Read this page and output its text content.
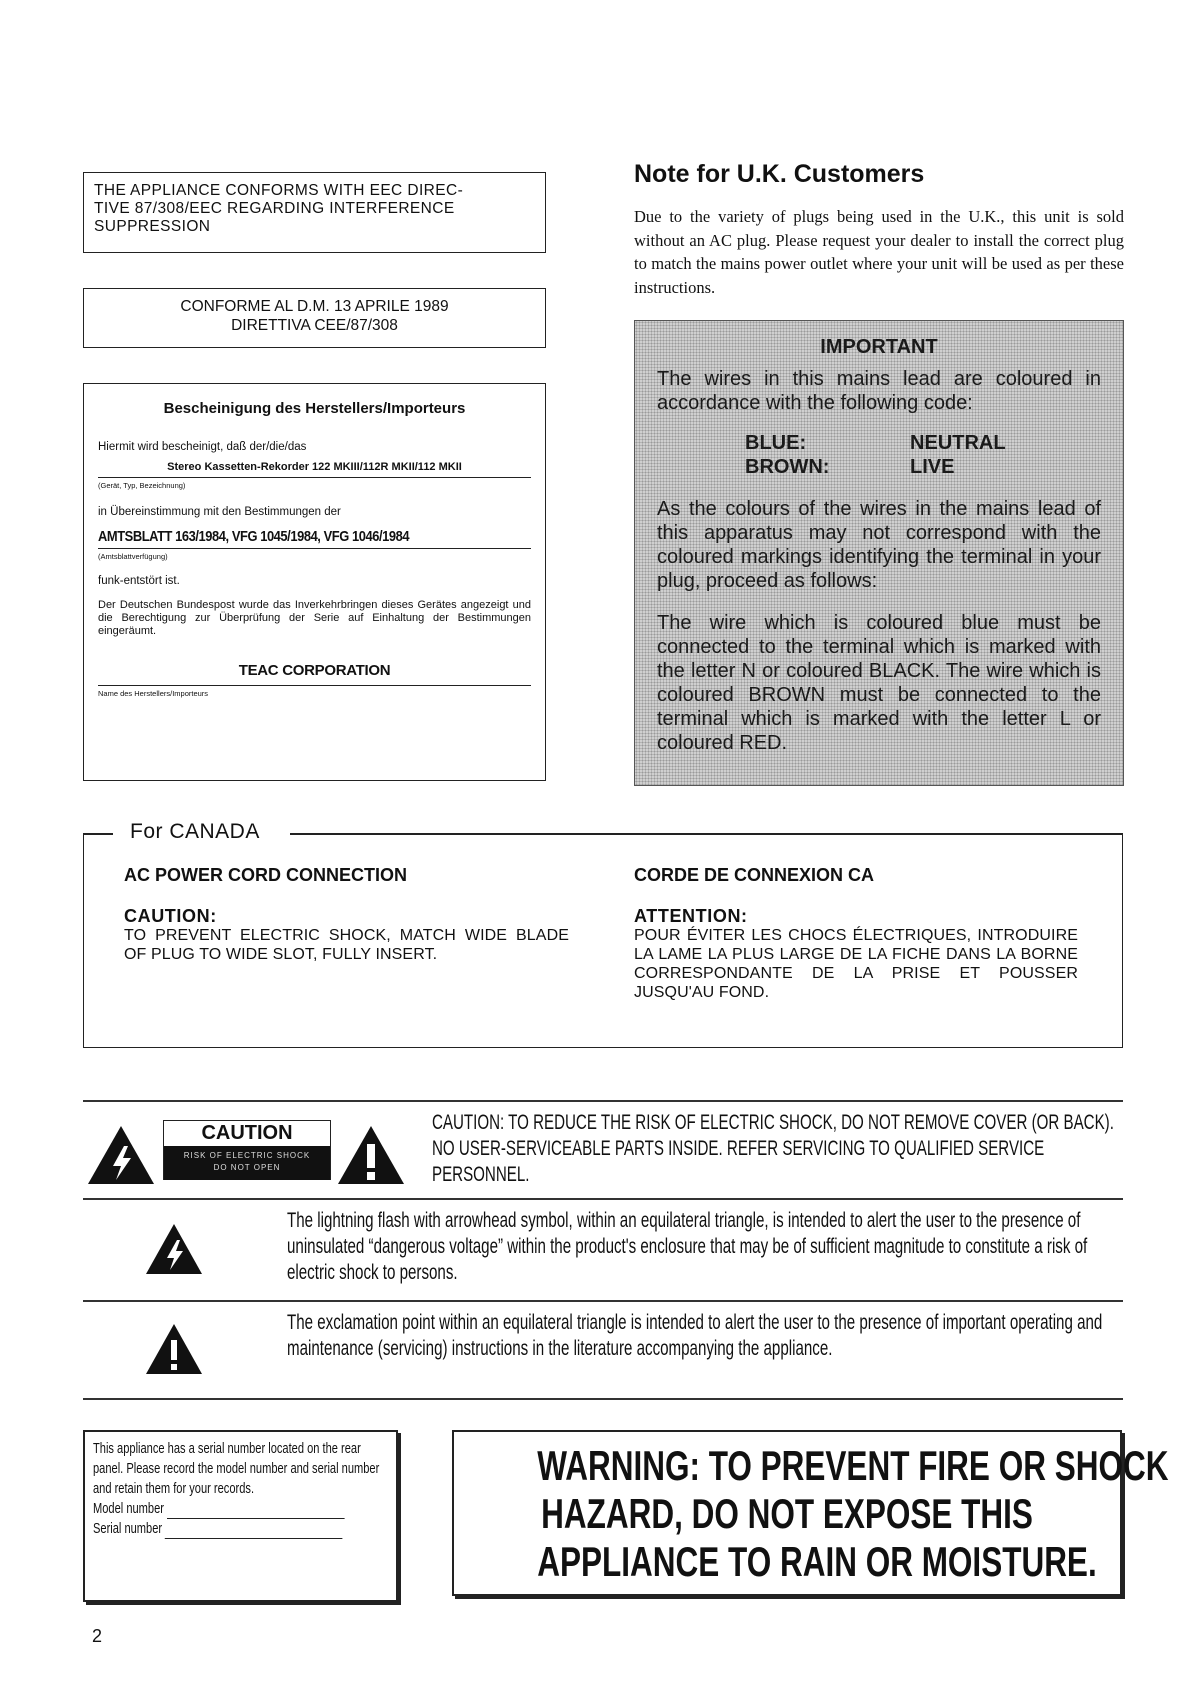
THE APPLIANCE CONFORMS WITH EEC DIREC-
TIVE 87/308/EEC REGARDING INTERFERENCE
SUPPRESSION
CONFORME AL D.M. 13 APRILE 1989
DIRETTIVA CEE/87/308
Bescheinigung des Herstellers/Importeurs
Hiermit wird bescheinigt, daß der/die/das
Stereo Kassetten-Rekorder 122 MKIII/112R MKII/112 MKII
(Gerät, Typ, Bezeichnung)
in Übereinstimmung mit den Bestimmungen der
AMTSBLATT 163/1984, VFG 1045/1984, VFG 1046/1984
(Amtsblattverfügung)
funk-entstört ist.
Der Deutschen Bundespost wurde das Inverkehrbringen dieses Gerätes angezeigt und die Berechtigung zur Überprüfung der Serie auf Einhaltung der Bestimmungen eingeräumt.
TEAC CORPORATION
Name des Herstellers/Importeurs
Note for U.K. Customers
Due to the variety of plugs being used in the U.K., this unit is sold without an AC plug. Please request your dealer to install the correct plug to match the mains power outlet where your unit will be used as per these instructions.
IMPORTANT
The wires in this mains lead are coloured in accordance with the following code:
BLUE:	NEUTRAL
BROWN:	LIVE
As the colours of the wires in the mains lead of this apparatus may not correspond with the coloured markings identifying the terminal in your plug, proceed as follows:
The wire which is coloured blue must be connected to the terminal which is marked with the letter N or coloured BLACK. The wire which is coloured BROWN must be connected to the terminal which is marked with the letter L or coloured RED.
For CANADA
AC POWER CORD CONNECTION
CAUTION:
TO PREVENT ELECTRIC SHOCK, MATCH WIDE BLADE OF PLUG TO WIDE SLOT, FULLY INSERT.
CORDE DE CONNEXION CA
ATTENTION:
POUR ÉVITER LES CHOCS ÉLECTRIQUES, INTRODUIRE LA LAME LA PLUS LARGE DE LA FICHE DANS LA BORNE CORRESPONDANTE DE LA PRISE ET POUSSER JUSQU'AU FOND.
CAUTION
RISK OF ELECTRIC SHOCK
DO NOT OPEN
CAUTION: TO REDUCE THE RISK OF ELECTRIC SHOCK, DO NOT REMOVE COVER (OR BACK). NO USER-SERVICEABLE PARTS INSIDE. REFER SERVICING TO QUALIFIED SERVICE PERSONNEL.
The lightning flash with arrowhead symbol, within an equilateral triangle, is intended to alert the user to the presence of uninsulated “dangerous voltage” within the product's enclosure that may be of sufficient magnitude to constitute a risk of electric shock to persons.
The exclamation point within an equilateral triangle is intended to alert the user to the presence of important operating and maintenance (servicing) instructions in the literature accompanying the appliance.
This appliance has a serial number located on the rear panel. Please record the model number and serial number and retain them for your records.
Model number
Serial number
WARNING: TO PREVENT FIRE OR SHOCK
HAZARD, DO NOT EXPOSE THIS
APPLIANCE TO RAIN OR MOISTURE.
2
